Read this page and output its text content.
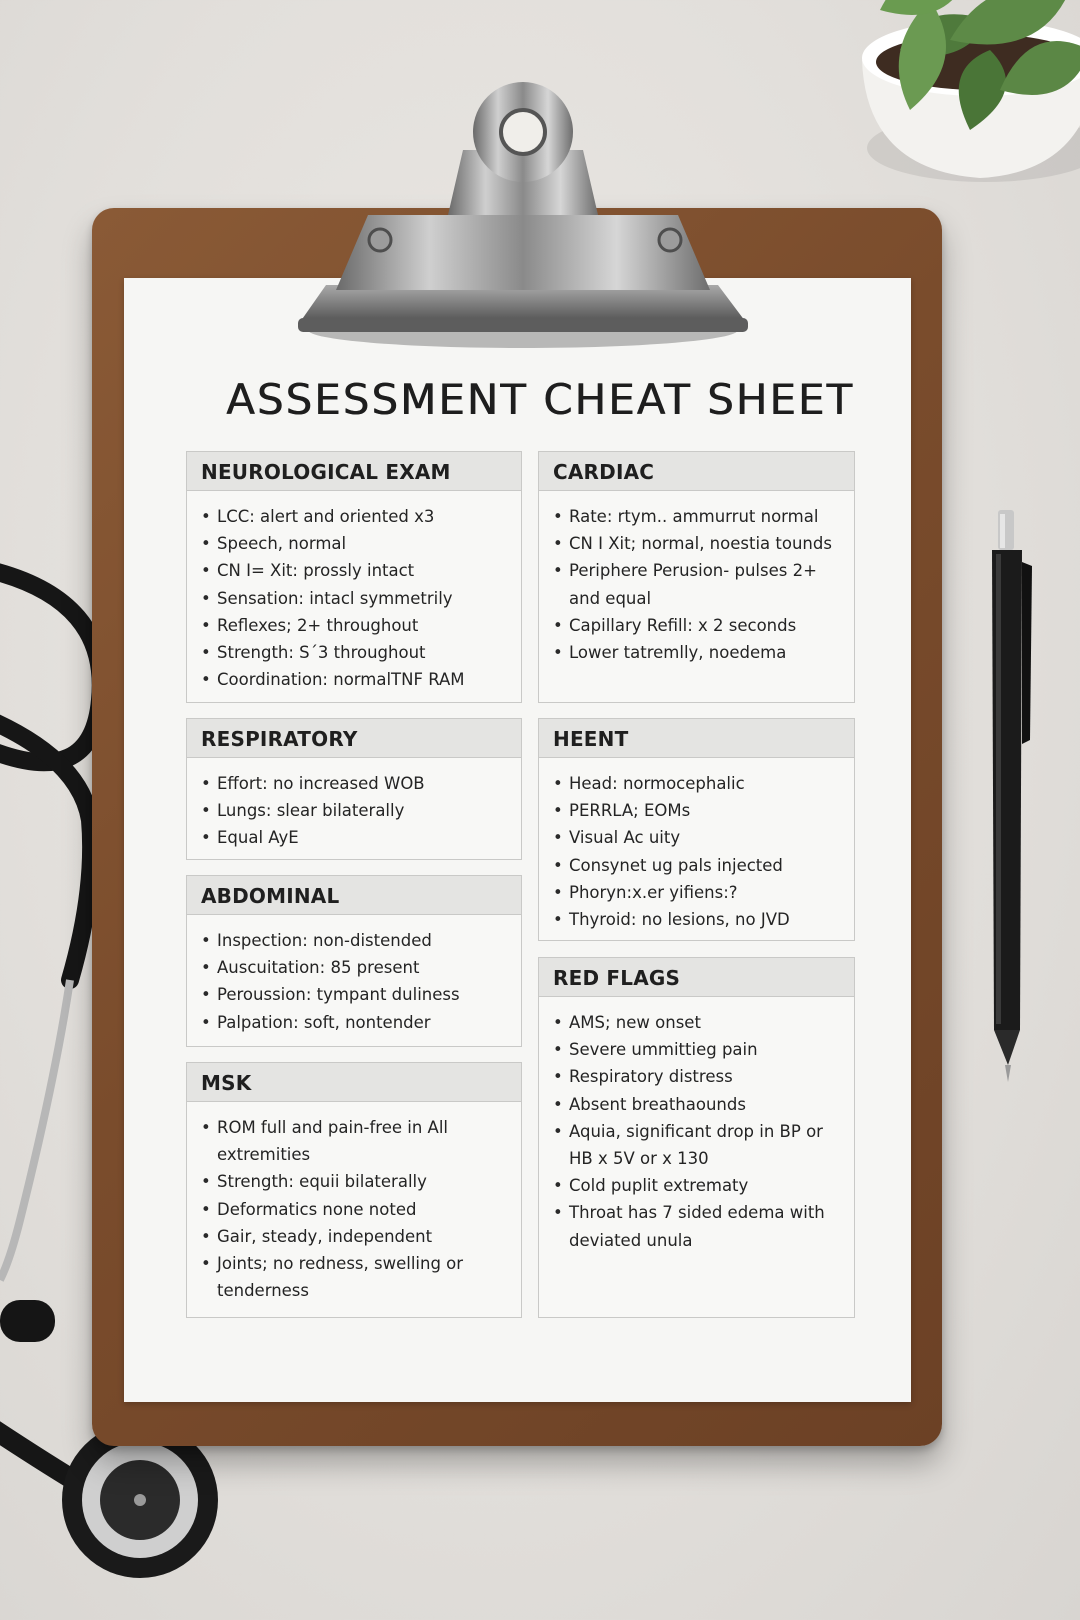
ASSESSMENT CHEAT SHEET
NEUROLOGICAL EXAM
• LCC: alert and oriented x3
• Speech, normal
• CN I= Xit: prossly intact
• Sensation: intacl symmetrily
• Reflexes; 2+ throughout
• Strength: S´3 throughout
• Coordination: normalTNF RAM
CARDIAC
• Rate: rtym.. ammurrut normal
• CN I Xit; normal, noestia tounds
• Periphere Perusion- pulses 2+ and equal
• Capillary Refill: x 2 seconds
• Lower tatremlly, noedema
RESPIRATORY
• Effort: no increased WOB
• Lungs: slear bilaterally
• Equal AyE
HEENT
• Head: normocephalic
• PERRLA; EOMs
• Visual Ac uity
• Consynet ug pals injected
• Phoryn:x.er yifiens:?
• Thyroid: no lesions, no JVD
ABDOMINAL
• Inspection: non-distended
• Auscuitation: 85 present
• Peroussion: tympant duliness
• Palpation: soft, nontender
RED FLAGS
• AMS; new onset
• Severe ummittieg pain
• Respiratory distress
• Absent breathaounds
• Aquia, significant drop in BP or HB x 5V or x 130
• Cold puplit extrematy
• Throat has 7 sided edema with deviated unula
MSK
• ROM full and pain-free in All extremities
• Strength: equii bilaterally
• Deformatics none noted
• Gair, steady, independent
• Joints; no redness, swelling or tenderness
